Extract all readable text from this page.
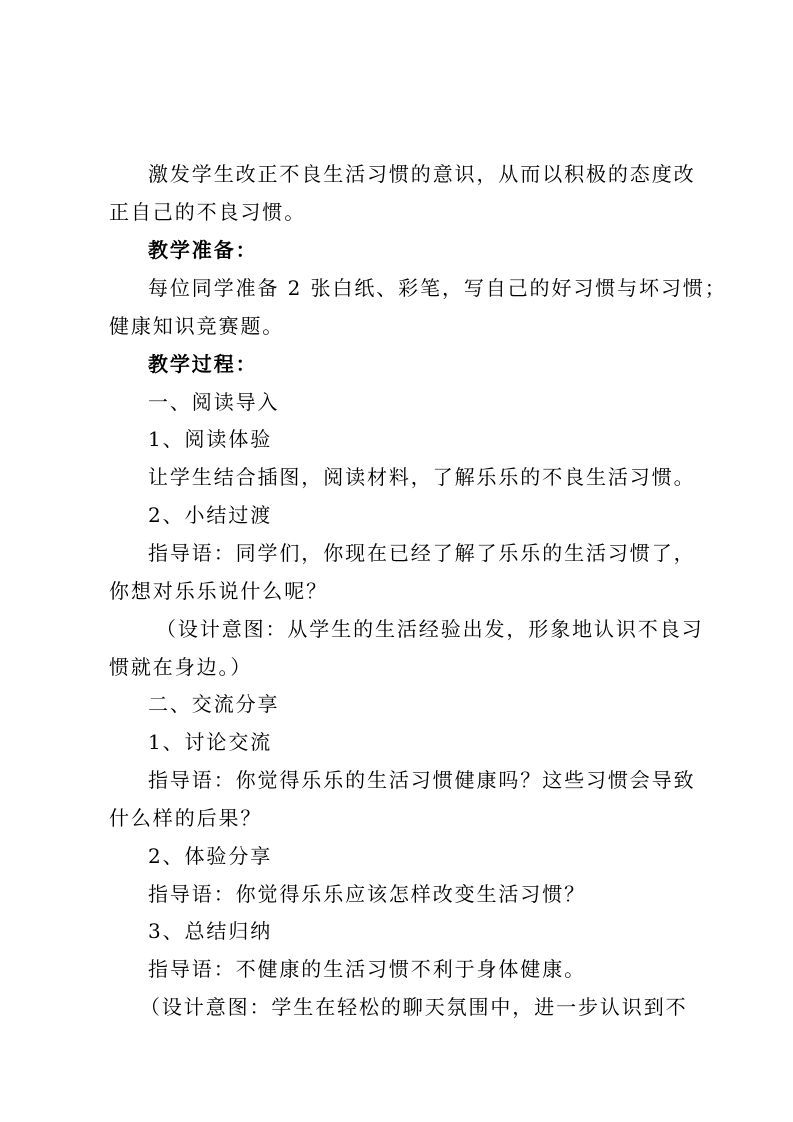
激发学生改正不良生活习惯的意识，从而以积极的态度改
正自己的不良习惯。
教学准备：
每位同学准备 2 张白纸、彩笔，写自己的好习惯与坏习惯；
健康知识竞赛题。
教学过程：
一、阅读导入
1、阅读体验
让学生结合插图，阅读材料，了解乐乐的不良生活习惯。
2、小结过渡
指导语：同学们，你现在已经了解了乐乐的生活习惯了，
你想对乐乐说什么呢？
（设计意图：从学生的生活经验出发，形象地认识不良习
惯就在身边。）
二、交流分享
1、讨论交流
指导语：你觉得乐乐的生活习惯健康吗？这些习惯会导致
什么样的后果？
2、体验分享
指导语：你觉得乐乐应该怎样改变生活习惯？
3、总结归纳
指导语：不健康的生活习惯不利于身体健康。
（设计意图：学生在轻松的聊天氛围中，进一步认识到不
